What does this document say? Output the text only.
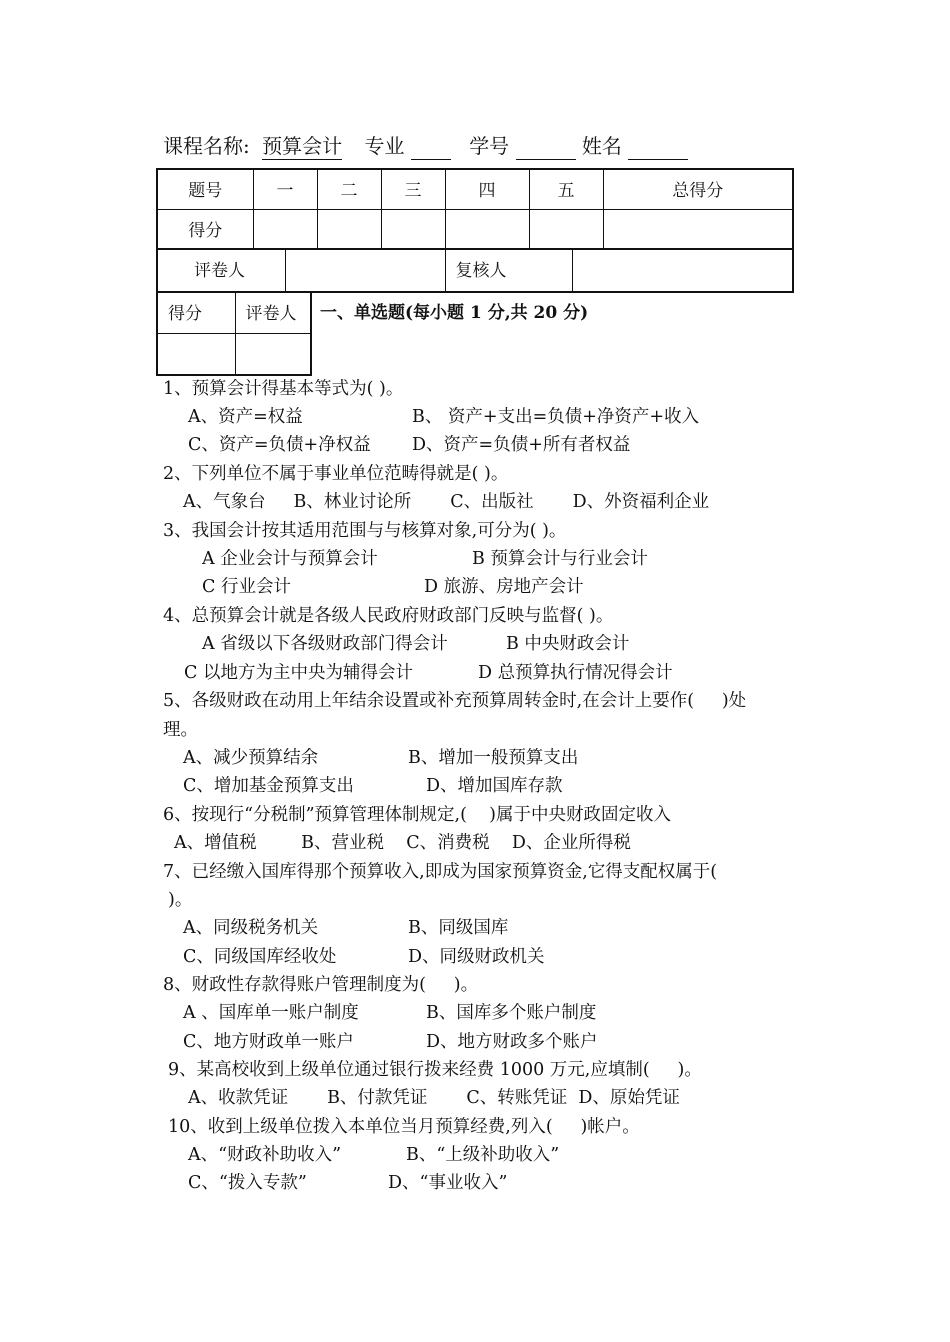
课程名称: 预算会计 专业	学号	姓名
题号	一	二	三	四	五	总得分
得分						
评卷人		复核人	
得分	评卷人
	一、单选题(每小题 1 分,共 20 分)
1、预算会计得基本等式为( )。
A、资产=权益	B、 资产+支出=负债+净资产+收入
C、资产=负债+净权益 D、资产=负债+所有者权益
2、下列单位不属于事业单位范畴得就是( )。
A、气象台     B、林业讨论所       C、出版社       D、外资福利企业
3、我国会计按其适用范围与与核算对象,可分为( )。
A 企业会计与预算会计	B 预算会计与行业会计
C 行业会计	D 旅游、房地产会计
4、总预算会计就是各级人民政府财政部门反映与监督( )。
A 省级以下各级财政部门得会计	B 中央财政会计
C 以地方为主中央为辅得会计	D 总预算执行情况得会计
5、各级财政在动用上年结余设置或补充预算周转金时,在会计上要作(     )处
理。
A、减少预算结余	B、增加一般预算支出
C、增加基金预算支出	D、增加国库存款
6、按现行“分税制”预算管理体制规定,(    )属于中央财政固定收入
A、增值税        B、营业税    C、消费税    D、企业所得税
7、已经缴入国库得那个预算收入,即成为国家预算资金,它得支配权属于(
)。
A、同级税务机关	B、同级国库
C、同级国库经收处	D、同级财政机关
8、财政性存款得账户管理制度为(     )。
A 、国库单一账户制度	B、国库多个账户制度
C、地方财政单一账户	D、地方财政多个账户
9、某高校收到上级单位通过银行拨来经费 1000 万元,应填制(     )。
A、收款凭证       B、付款凭证       C、转账凭证  D、原始凭证
10、收到上级单位拨入本单位当月预算经费,列入(     )帐户。
A、“财政补助收入”	B、“上级补助收入”
C、“拨入专款”	D、“事业收入”
